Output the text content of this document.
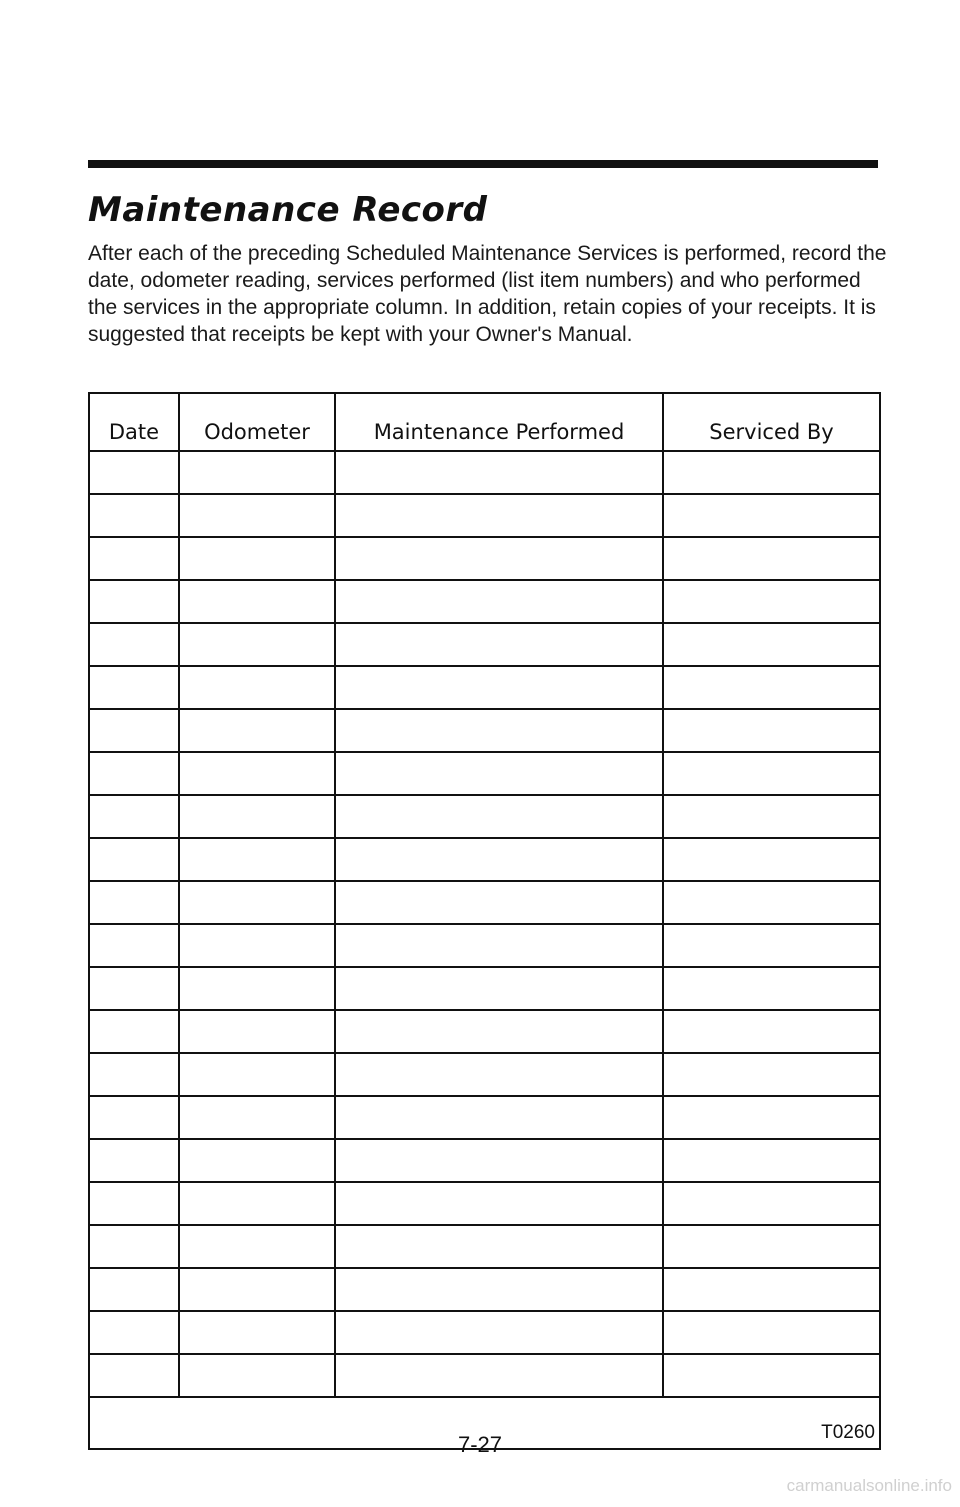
Maintenance Record

After each of the preceding Scheduled Maintenance Services is performed, record the date, odometer reading, services performed (list item numbers) and who performed the services in the appropriate column. In addition, retain copies of your receipts. It is suggested that receipts be kept with your Owner's Manual.

Date	Odometer	Maintenance Performed	Serviced By

T0260			
7-27
carmanualsonline.info
